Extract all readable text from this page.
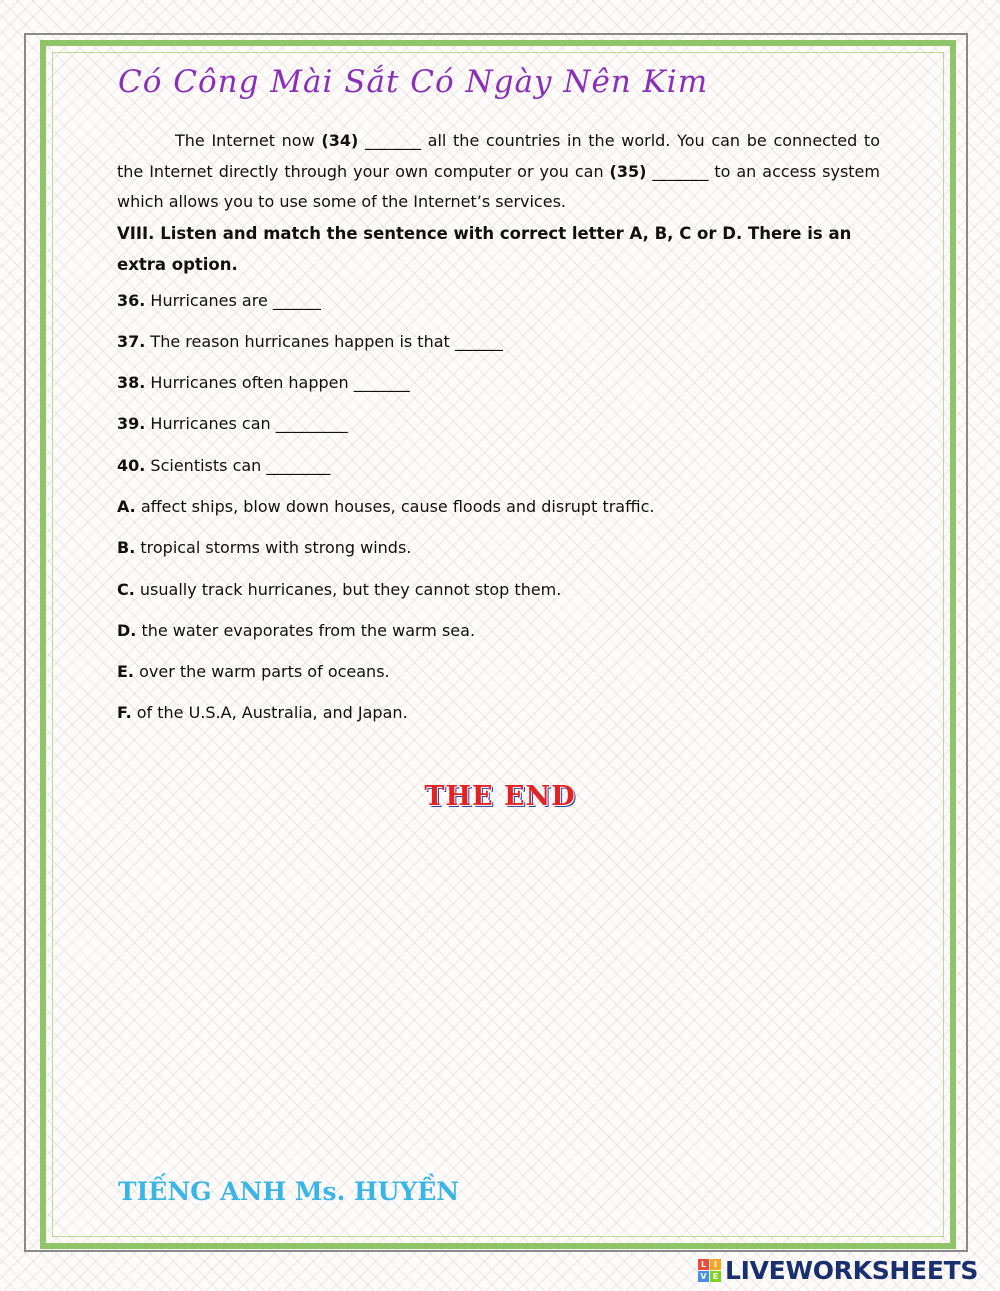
Có Công Mài Sắt Có Ngày Nên Kim

The Internet now (34) _______ all the countries in the world. You can be connected to the Internet directly through your own computer or you can (35) _______ to an access system which allows you to use some of the Internet’s services.

VIII. Listen and match the sentence with correct letter A, B, C or D. There is an extra option.

36. Hurricanes are ______

37. The reason hurricanes happen is that ______

38. Hurricanes often happen _______

39. Hurricanes can _________

40. Scientists can ________

A. affect ships, blow down houses, cause floods and disrupt traffic.

B. tropical storms with strong winds.

C. usually track hurricanes, but they cannot stop them.

D. the water evaporates from the warm sea.

E. over the warm parts of oceans.

F. of the U.S.A, Australia, and Japan.

THE END
TIẾNG ANH Ms. HUYỀN
L I
V E LIVEWORKSHEETS
